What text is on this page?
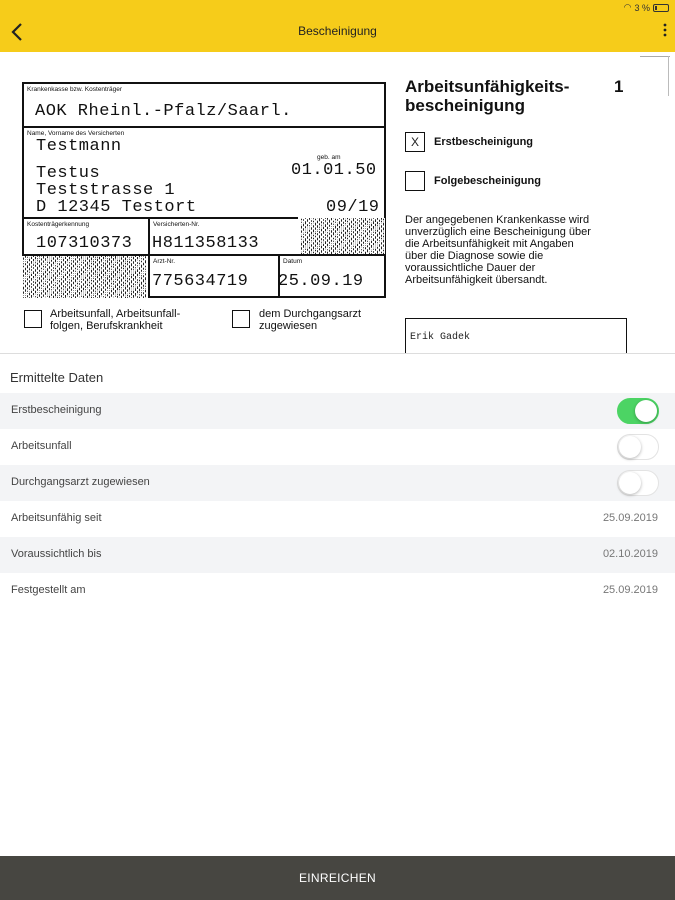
◠ 3 %
Bescheinigung
Krankenkasse bzw. Kostenträger
AOK Rheinl.-Pfalz/Saarl.
Name, Vorname des Versicherten
Testmann
Testus
geb. am
01.01.50
Teststrasse 1
D 12345 Testort	09/19
Kostenträgerkennung
107310373
Versicherten-Nr.
H811358133
Arzt-Nr.
775634719
Datum
25.09.19
Arbeitsunfall, Arbeitsunfall-
folgen, Berufskrankheit
dem Durchgangsarzt
zugewiesen
Arbeitsunfähigkeits-
bescheinigung
1
X	Erstbescheinigung
Folgebescheinigung
Der angegebenen Krankenkasse wird
unverzüglich eine Bescheinigung über
die Arbeitsunfähigkeit mit Angaben
über die Diagnose sowie die
voraussichtliche Dauer der
Arbeitsunfähigkeit übersandt.
Erik Gadek
Ermittelte Daten
Erstbescheinigung
Arbeitsunfall
Durchgangsarzt zugewiesen
Arbeitsunfähig seit	25.09.2019
Voraussichtlich bis	02.10.2019
Festgestellt am	25.09.2019
EINREICHEN
